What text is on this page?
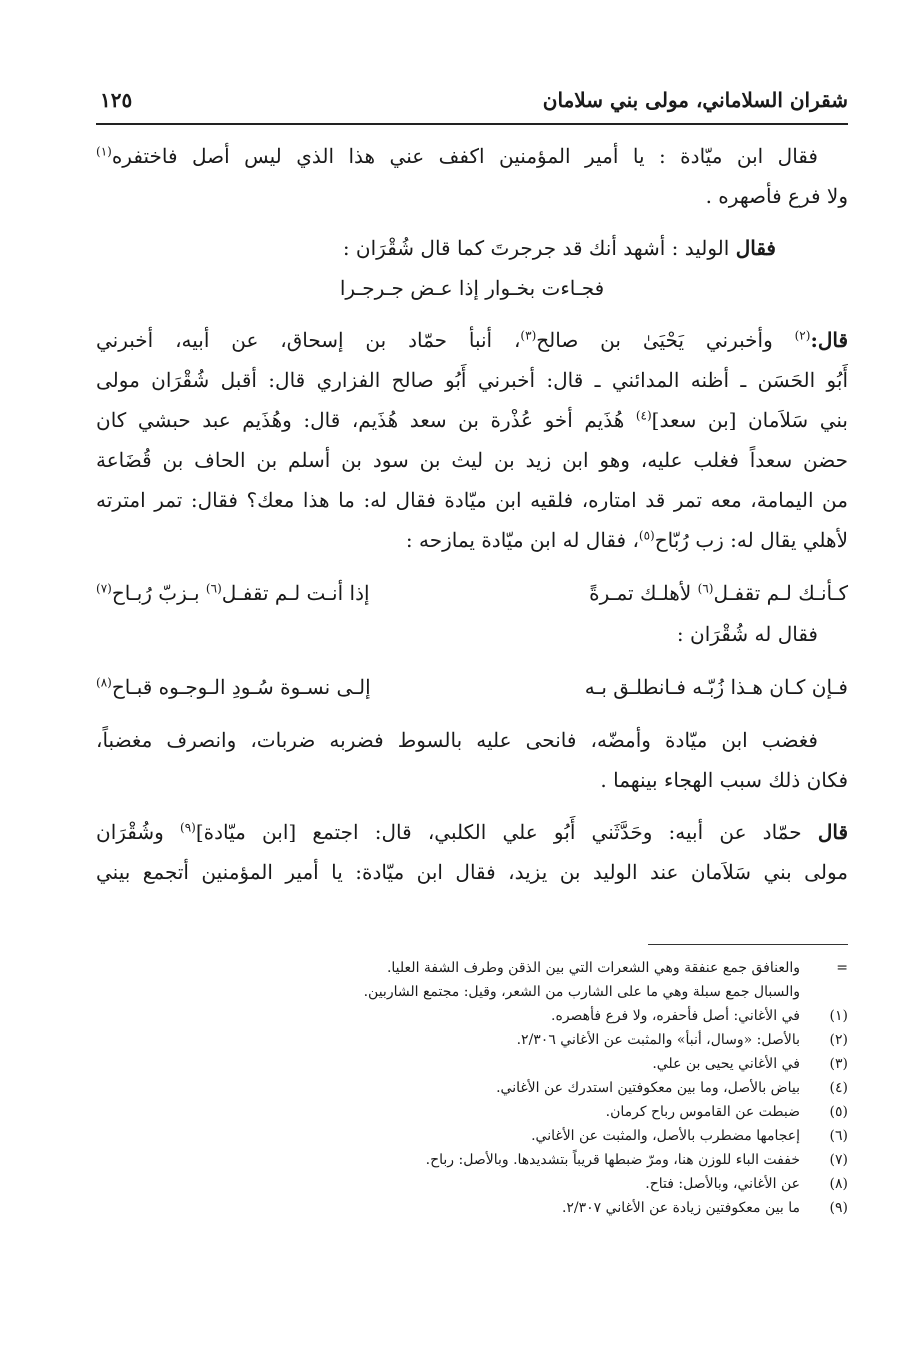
شقران السلاماني، مولى بني سلامان
١٢٥
فقال ابن ميّادة : يا أمير المؤمنين اكفف عني هذا الذي ليس أصل فاختفره$^{(١)}$
ولا فرع فأصهره .
فقال الوليد : أشهد أنك قد جرجرتَ كما قال شُقْرَان :
فجـاءت بخـوار إذا عـض جـرجـرا
قال:$^{(٢)}$ وأخبرني يَحْيَىٰ بن صالح$^{(٣)}$، أنبأ حمّاد بن إسحاق، عن أبيه، أخبرني
أَبُو الحَسَن ـ أظنه المدائني ـ قال: أخبرني أَبُو صالح الفزاري قال: أقبل شُقْرَان مولى
بني سَلاَمان [بن سعد]$^{(٤)}$ هُذَيم أخو عُذْرة بن سعد هُذَيم، قال: وهُذَيم عبد حبشي كان
حضن سعداً فغلب عليه، وهو ابن زيد بن ليث بن سود بن أسلم بن الحاف بن قُضَاعة
من اليمامة، معه تمر قد امتاره، فلقيه ابن ميّادة فقال له: ما هذا معك؟ فقال: تمر امترته
لأهلي يقال له: زب رُبّاح$^{(٥)}$، فقال له ابن ميّادة يمازحه :
كـأنـك لـم تقفـل$^{(٦)}$ لأهلـك تمـرةً
إذا أنـت لـم تقفـل$^{(٦)}$ بـزبّ رُبـاح$^{(٧)}$
فقال له شُقْرَان :
فـإن كـان هـذا زُبّـه فـانطلـق بـه
إلـى نسـوة سُـودِ الـوجـوه قبـاح$^{(٨)}$
فغضب ابن ميّادة وأمضّه، فانحى عليه بالسوط فضربه ضربات، وانصرف مغضباً،
فكان ذلك سبب الهجاء بينهما .
قال حمّاد عن أبيه: وحَدَّثَني أَبُو علي الكلبي، قال: اجتمع [ابن ميّادة]$^{(٩)}$ وشُقْرَان
مولى بني سَلاَمان عند الوليد بن يزيد، فقال ابن ميّادة: يا أمير المؤمنين أتجمع بيني
=
والعنافق جمع عنفقة وهي الشعرات التي بين الذقن وطرف الشفة العليا.
والسبال جمع سبلة وهي ما على الشارب من الشعر، وقيل: مجتمع الشاربين.
(١)
في الأغاني: أصل فأحفره، ولا فرع فأهصره.
(٢)
بالأصل: «وسال، أنبأ» والمثبت عن الأغاني ٢/٣٠٦.
(٣)
في الأغاني يحيى بن علي.
(٤)
بياض بالأصل، وما بين معكوفتين استدرك عن الأغاني.
(٥)
ضبطت عن القاموس رباح كرمان.
(٦)
إعجامها مضطرب بالأصل، والمثبت عن الأغاني.
(٧)
خففت الباء للوزن هنا، ومرّ ضبطها قريباً بتشديدها. وبالأصل: رباح.
(٨)
عن الأغاني، وبالأصل: فتاح.
(٩)
ما بين معكوفتين زيادة عن الأغاني ٢/٣٠٧.
